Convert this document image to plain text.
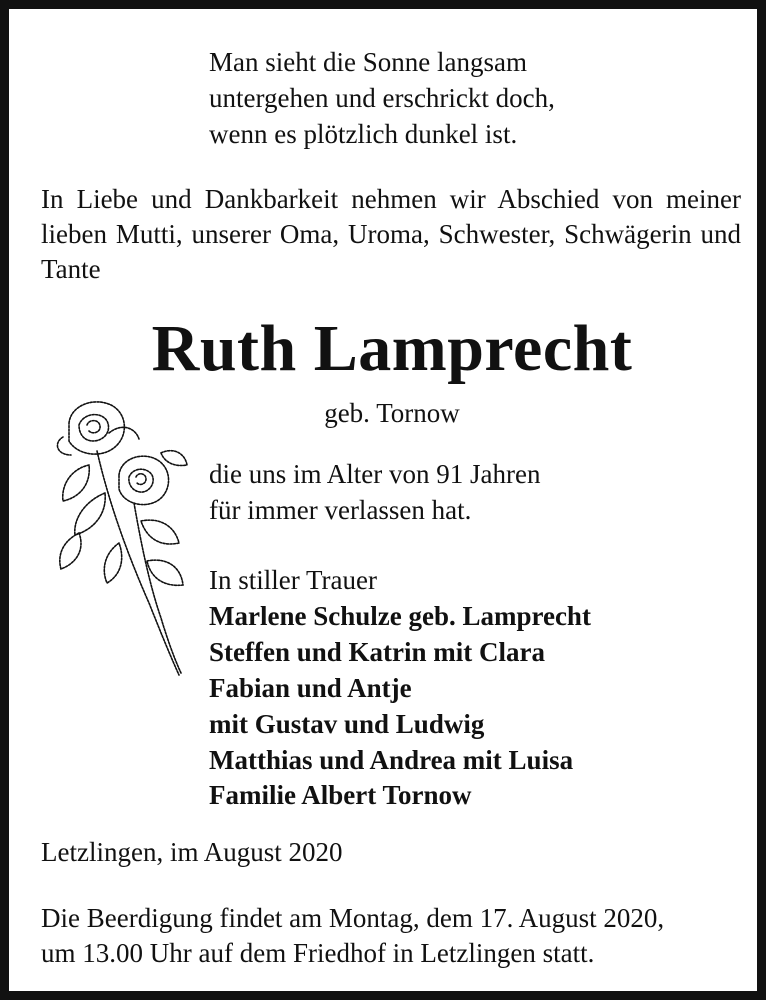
Man sieht die Sonne langsam
untergehen und erschrickt doch,
wenn es plötzlich dunkel ist.
In Liebe und Dankbarkeit nehmen wir Abschied von meiner lieben Mutti, unserer Oma, Uroma, Schwester, Schwägerin und Tante
Ruth Lamprecht
geb. Tornow
die uns im Alter von 91 Jahren
für immer verlassen hat.
In stiller Trauer
Marlene Schulze geb. Lamprecht
Steffen und Katrin mit Clara
Fabian und Antje
mit Gustav und Ludwig
Matthias und Andrea mit Luisa
Familie Albert Tornow
Letzlingen, im August 2020
Die Beerdigung findet am Montag, dem 17. August 2020,
um 13.00 Uhr auf dem Friedhof in Letzlingen statt.
